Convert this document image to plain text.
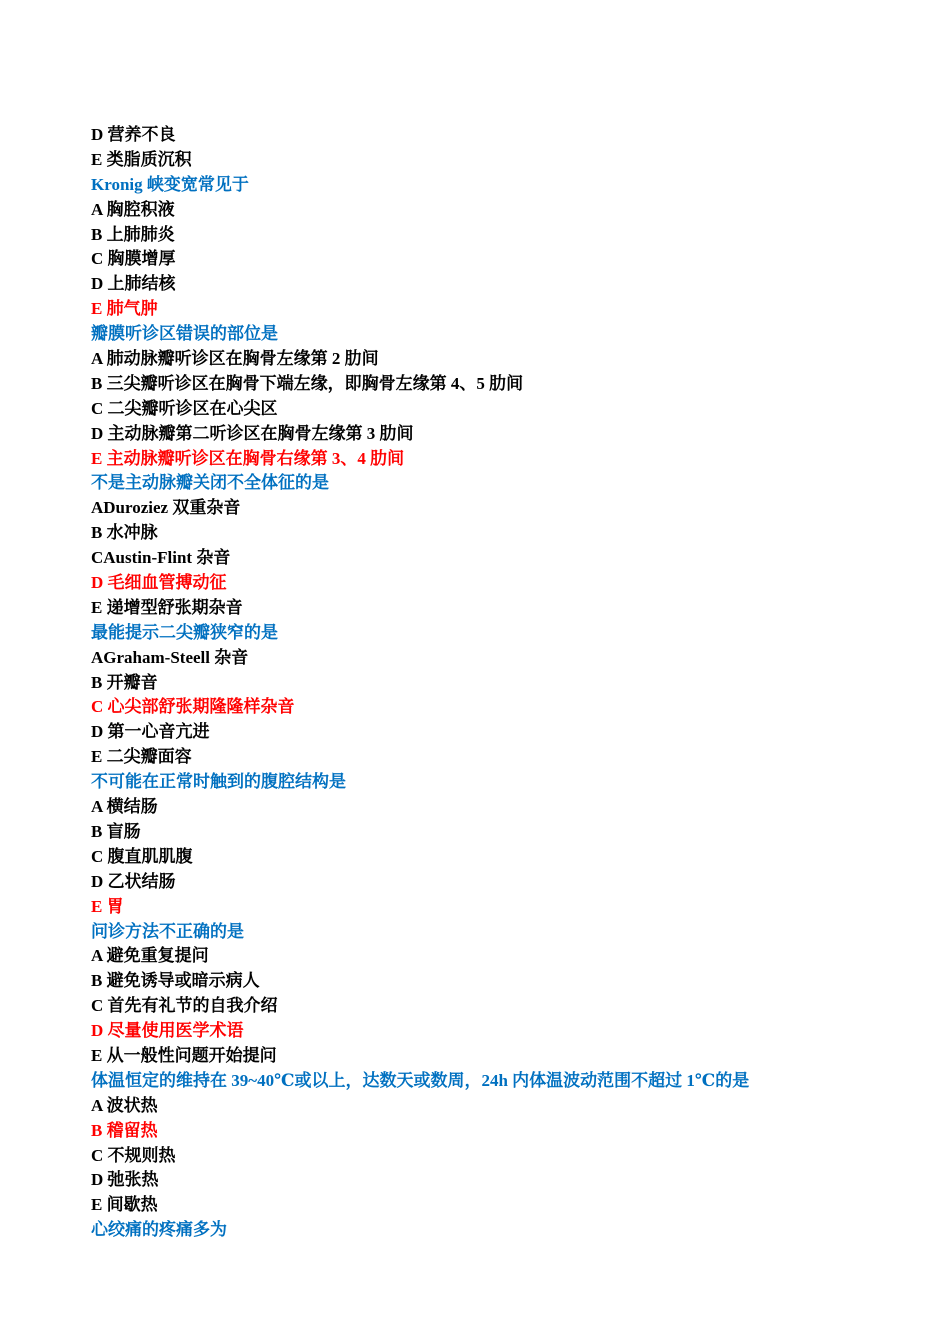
D 营养不良
E 类脂质沉积
Kronig 峡变宽常见于
A 胸腔积液
B 上肺肺炎
C 胸膜增厚
D 上肺结核
E 肺气肿
瓣膜听诊区错误的部位是
A 肺动脉瓣听诊区在胸骨左缘第 2 肋间
B 三尖瓣听诊区在胸骨下端左缘，即胸骨左缘第 4、5 肋间
C 二尖瓣听诊区在心尖区
D 主动脉瓣第二听诊区在胸骨左缘第 3 肋间
E 主动脉瓣听诊区在胸骨右缘第 3、4 肋间
不是主动脉瓣关闭不全体征的是
ADuroziez 双重杂音
B 水冲脉
CAustin-Flint 杂音
D 毛细血管搏动征
E 递增型舒张期杂音
最能提示二尖瓣狭窄的是
AGraham-Steell 杂音
B 开瓣音
C 心尖部舒张期隆隆样杂音
D 第一心音亢进
E 二尖瓣面容
不可能在正常时触到的腹腔结构是
A 横结肠
B 盲肠
C 腹直肌肌腹
D 乙状结肠
E 胃
问诊方法不正确的是
A 避免重复提问
B 避免诱导或暗示病人
C 首先有礼节的自我介绍
D 尽量使用医学术语
E 从一般性问题开始提问
体温恒定的维持在 39~40℃或以上，达数天或数周，24h 内体温波动范围不超过 1℃的是
A 波状热
B 稽留热
C 不规则热
D 弛张热
E 间歇热
心绞痛的疼痛多为
